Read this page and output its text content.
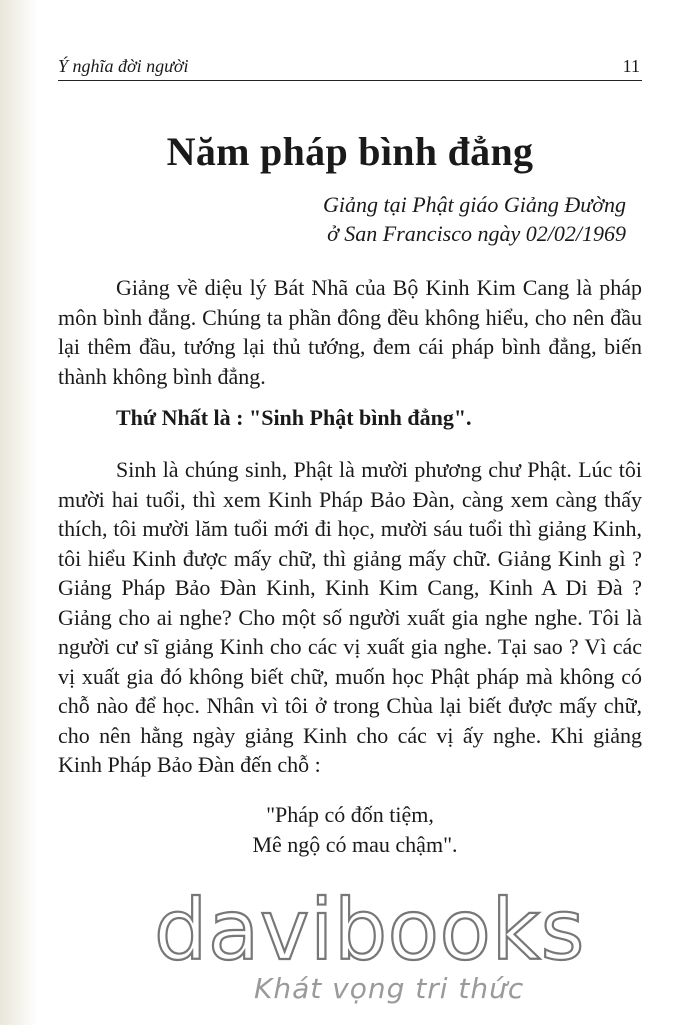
Ý nghĩa đời người	11
Năm pháp bình đẳng
Giảng tại Phật giáo Giảng Đường
ở San Francisco ngày 02/02/1969

Giảng về diệu lý Bát Nhã của Bộ Kinh Kim Cang là pháp môn bình đẳng. Chúng ta phần đông đều không hiểu, cho nên đầu lại thêm đầu, tướng lại thủ tướng, đem cái pháp bình đẳng, biến thành không bình đẳng.

Thứ Nhất là : "Sinh Phật bình đẳng".

Sinh là chúng sinh, Phật là mười phương chư Phật. Lúc tôi mười hai tuổi, thì xem Kinh Pháp Bảo Đàn, càng xem càng thấy thích, tôi mười lăm tuổi mới đi học, mười sáu tuổi thì giảng Kinh, tôi hiểu Kinh được mấy chữ, thì giảng mấy chữ. Giảng Kinh gì ? Giảng Pháp Bảo Đàn Kinh, Kinh Kim Cang, Kinh A Di Đà ? Giảng cho ai nghe? Cho một số người xuất gia nghe nghe. Tôi là người cư sĩ giảng Kinh cho các vị xuất gia nghe. Tại sao ? Vì các vị xuất gia đó không biết chữ, muốn học Phật pháp mà không có chỗ nào để học. Nhân vì tôi ở trong Chùa lại biết được mấy chữ, cho nên hằng ngày giảng Kinh cho các vị ấy nghe. Khi giảng Kinh Pháp Bảo Đàn đến chỗ :

"Pháp có đốn tiệm,
Mê ngộ có mau chậm".
davibooks
Khát vọng tri thức
